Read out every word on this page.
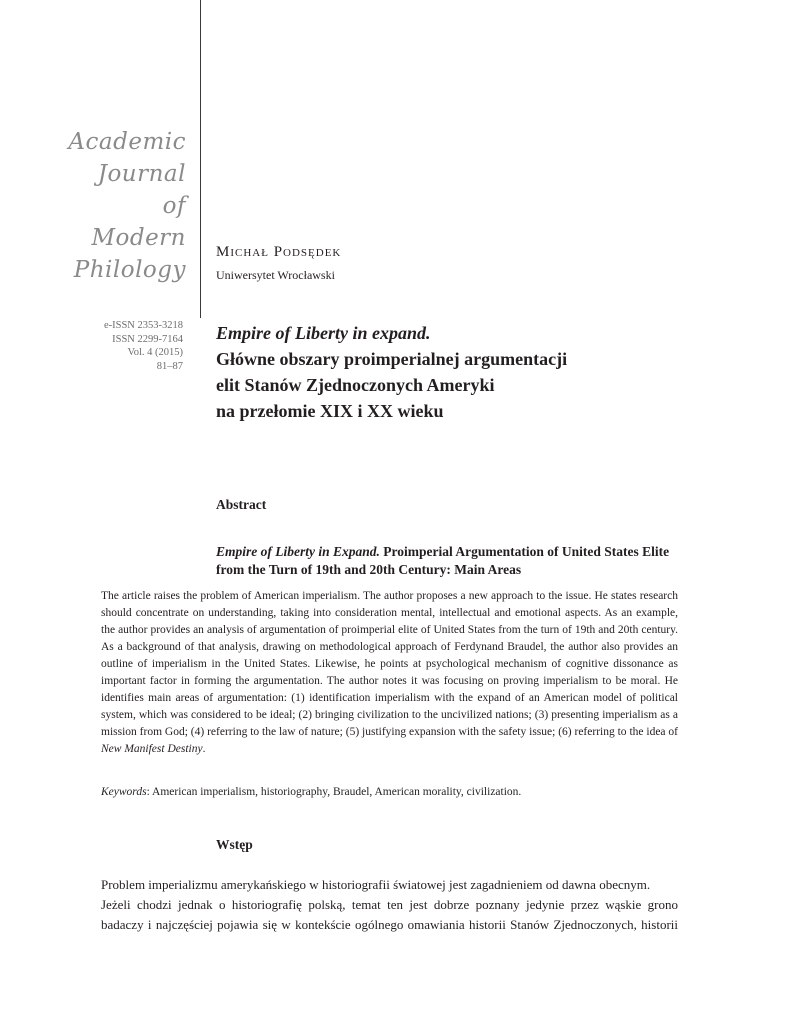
Academic
Journal
of
Modern
Philology
e-ISSN 2353-3218
ISSN 2299-7164
Vol. 4 (2015)
81–87
Michał Podsędek
Uniwersytet Wrocławski
Empire of Liberty in expand.
Główne obszary proimperialnej argumentacji
elit Stanów Zjednoczonych Ameryki
na przełomie XIX i XX wieku
Abstract
Empire of Liberty in Expand. Proimperial Argumentation of United States Elite from the Turn of 19th and 20th Century: Main Areas
The article raises the problem of American imperialism. The author proposes a new approach to the issue. He states research should concentrate on understanding, taking into consideration mental, intellectual and emotional aspects. As an example, the author provides an analysis of argumentation of proimperial elite of United States from the turn of 19th and 20th century. As a background of that analysis, drawing on methodological approach of Ferdynand Braudel, the author also provides an outline of imperialism in the United States. Likewise, he points at psychological mechanism of cognitive dissonance as important factor in forming the argumentation. The author notes it was focusing on proving imperialism to be moral. He identifies main areas of argumentation: (1) identification imperialism with the expand of an American model of political system, which was considered to be ideal; (2) bringing civilization to the uncivilized nations; (3) presenting imperialism as a mission from God; (4) referring to the law of nature; (5) justifying expansion with the safety issue; (6) referring to the idea of New Manifest Destiny.
Keywords: American imperialism, historiography, Braudel, American morality, civilization.
Wstęp
Problem imperializmu amerykańskiego w historiografii światowej jest zagadnieniem od dawna obecnym.
Jeżeli chodzi jednak o historiografię polską, temat ten jest dobrze poznany jedynie przez wąskie grono
badaczy i najczęściej pojawia się w kontekście ogólnego omawiania historii Stanów Zjednoczonych, historii
